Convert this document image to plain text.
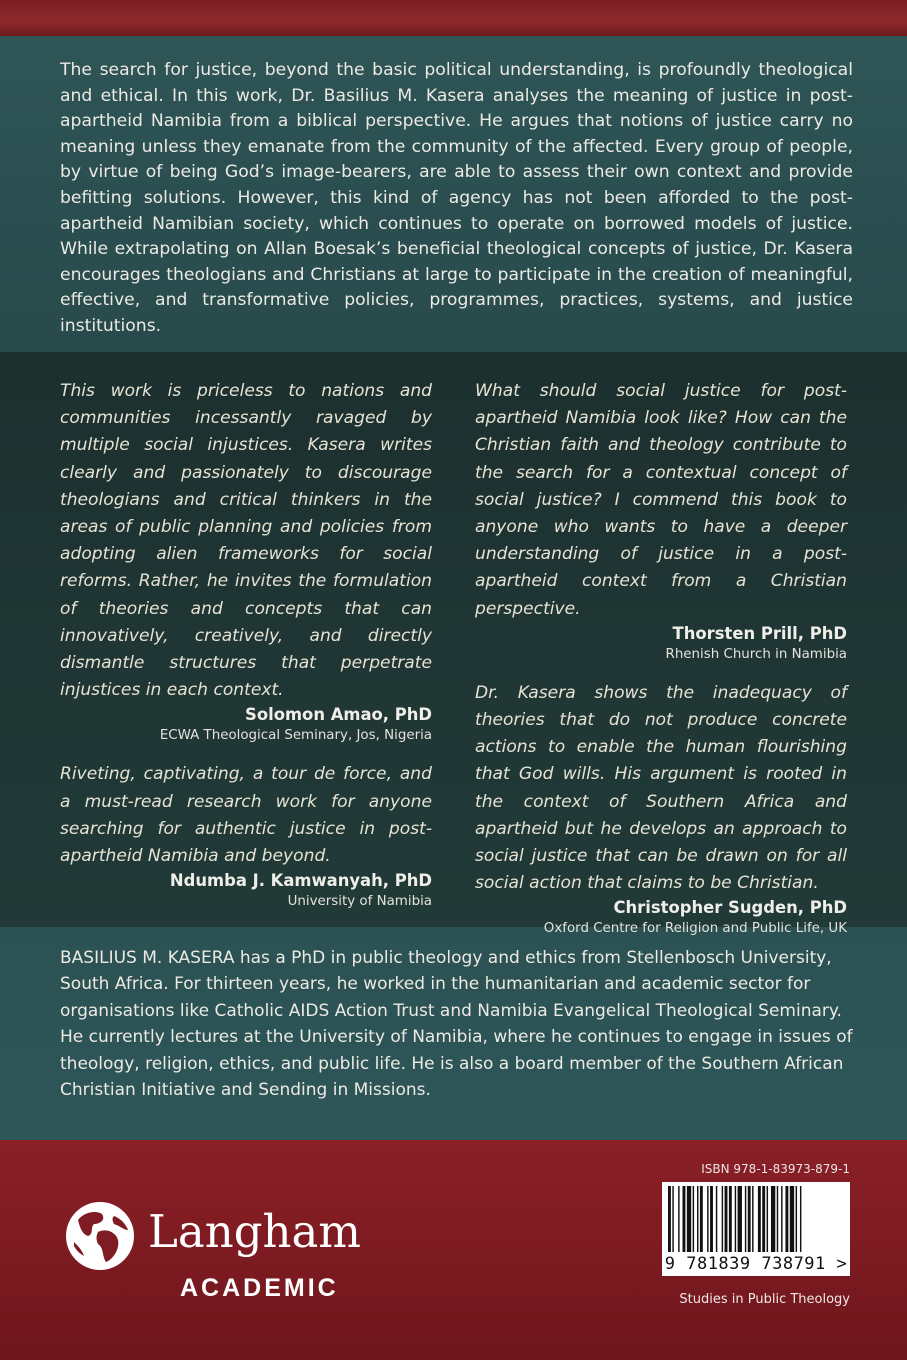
The search for justice, beyond the basic political understanding, is profoundly theological and ethical. In this work, Dr. Basilius M. Kasera analyses the meaning of justice in post-apartheid Namibia from a biblical perspective. He argues that notions of justice carry no meaning unless they emanate from the community of the affected. Every group of people, by virtue of being God’s image-bearers, are able to assess their own context and provide befitting solutions. However, this kind of agency has not been afforded to the post-apartheid Namibian society, which continues to operate on borrowed models of justice. While extrapolating on Allan Boesak’s beneficial theological concepts of justice, Dr. Kasera encourages theologians and Christians at large to participate in the creation of meaningful, effective, and transformative policies, programmes, practices, systems, and justice institutions.

This work is priceless to nations and communities incessantly ravaged by multiple social injustices. Kasera writes clearly and passionately to discourage theologians and critical thinkers in the areas of public planning and policies from adopting alien frameworks for social reforms. Rather, he invites the formulation of theories and concepts that can innovatively, creatively, and directly dismantle structures that perpetrate injustices in each context.

Solomon Amao, PhD

ECWA Theological Seminary, Jos, Nigeria

Riveting, captivating, a tour de force, and a must-read research work for anyone searching for authentic justice in post-apartheid Namibia and beyond.

Ndumba J. Kamwanyah, PhD

University of Namibia

What should social justice for post-apartheid Namibia look like? How can the Christian faith and theology contribute to the search for a contextual concept of social justice? I commend this book to anyone who wants to have a deeper understanding of justice in a post-apartheid context from a Christian perspective.

Thorsten Prill, PhD

Rhenish Church in Namibia

Dr. Kasera shows the inadequacy of theories that do not produce concrete actions to enable the human flourishing that God wills. His argument is rooted in the context of Southern Africa and apartheid but he develops an approach to social justice that can be drawn on for all social action that claims to be Christian.

Christopher Sugden, PhD

Oxford Centre for Religion and Public Life, UK

BASILIUS M. KASERA has a PhD in public theology and ethics from Stellenbosch University, South Africa. For thirteen years, he worked in the humanitarian and academic sector for organisations like Catholic AIDS Action Trust and Namibia Evangelical Theological Seminary. He currently lectures at the University of Namibia, where he continues to engage in issues of theology, religion, ethics, and public life. He is also a board member of the Southern African Christian Initiative and Sending in Missions.

Langham
ACADEMIC
ISBN 978-1-83973-879-1
9 781839 738791 >
Studies in Public Theology
